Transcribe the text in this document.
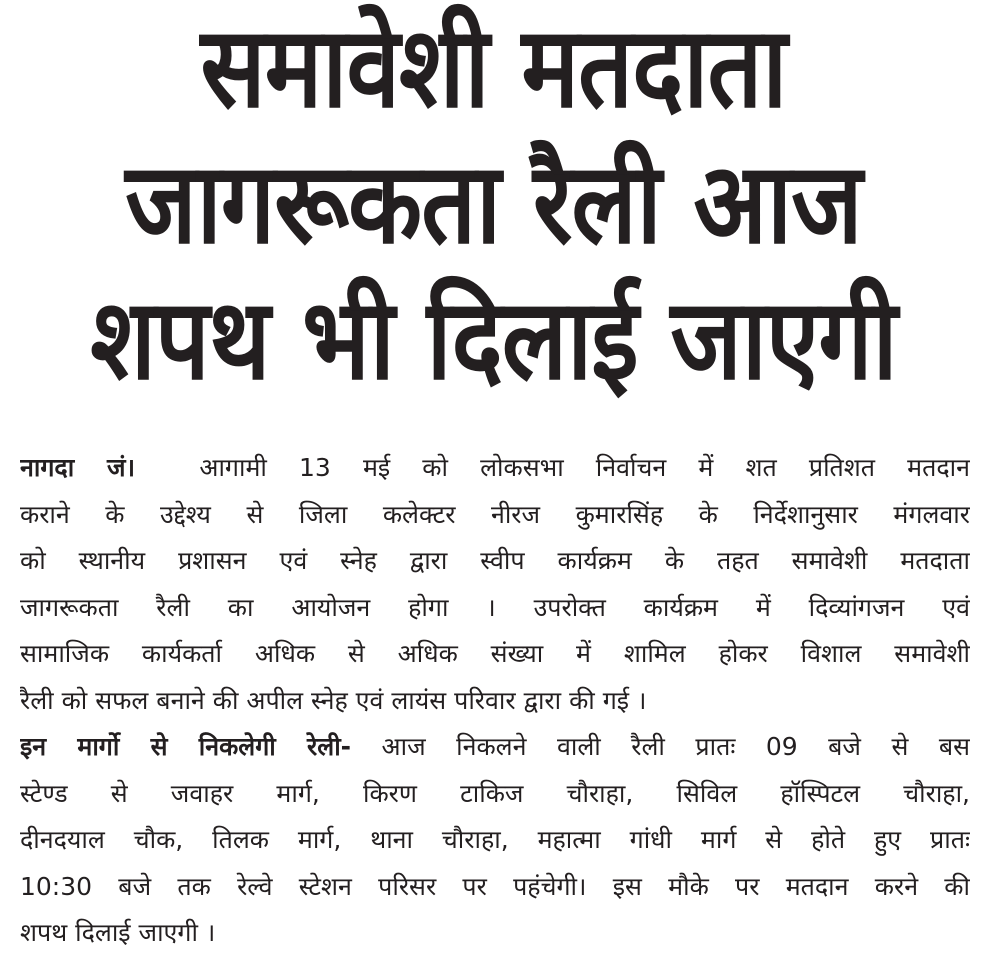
समावेशी मतदाता
जागरूकता रैली आज
शपथ भी दिलाई जाएगी
नागदा जं।	आगामी 13 मई को लोकसभा निर्वाचन में शत प्रतिशत मतदान
कराने के उद्देश्य से जिला कलेक्टर नीरज कुमारसिंह के निर्देशानुसार मंगलवार
को स्थानीय प्रशासन एवं स्नेह द्वारा स्वीप कार्यक्रम के तहत समावेशी मतदाता
जागरूकता रैली का आयोजन होगा । उपरोक्त कार्यक्रम में दिव्यांगजन एवं
सामाजिक कार्यकर्ता अधिक से अधिक संख्या में शामिल होकर विशाल समावेशी
रैली को सफल बनाने की अपील स्नेह एवं लायंस परिवार द्वारा की गई ।
इन मार्गो से निकलेगी रेली- आज निकलने वाली रैली प्रातः 09 बजे से बस
स्टेण्ड से जवाहर मार्ग, किरण टाकिज चौराहा, सिविल हॉस्पिटल चौराहा,
दीनदयाल चौक, तिलक मार्ग, थाना चौराहा, महात्मा गांधी मार्ग से होते हुए प्रातः
10:30 बजे तक रेल्वे स्टेशन परिसर पर पहंचेगी। इस मौके पर मतदान करने की
शपथ दिलाई जाएगी ।
